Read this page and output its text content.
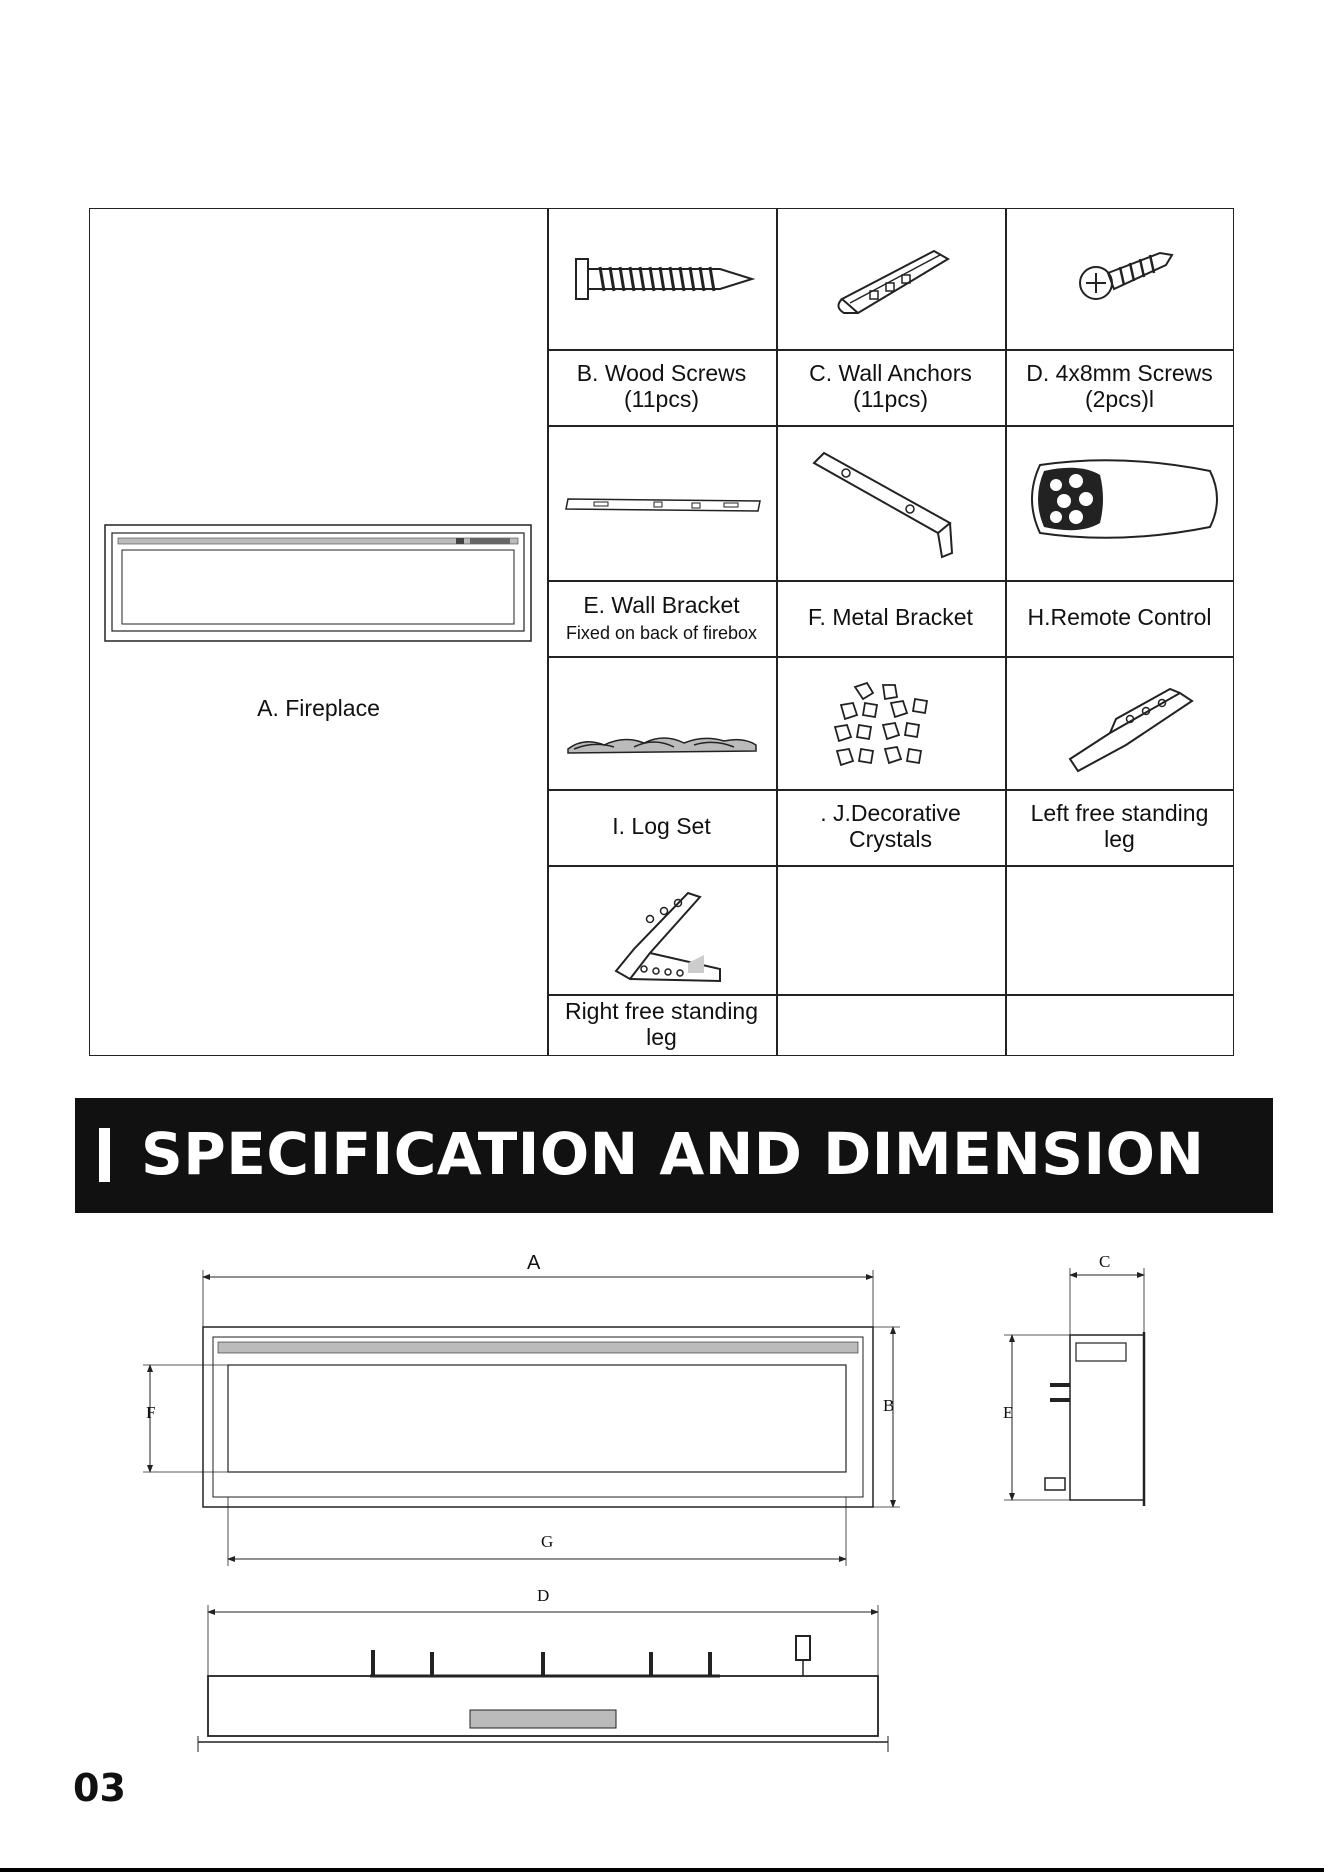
A. Fireplace
B. Wood Screws
(11pcs)
C. Wall Anchors
(11pcs)
D. 4x8mm Screws
(2pcs)l
E. Wall Bracket
Fixed on back of firebox
F. Metal Bracket H.Remote Control
I. Log Set	. J.Decorative
Crystals
Left free standing
leg
Right free standing
leg
SPECIFICATION AND DIMENSION
A
B
C
D
E
F
G
03
